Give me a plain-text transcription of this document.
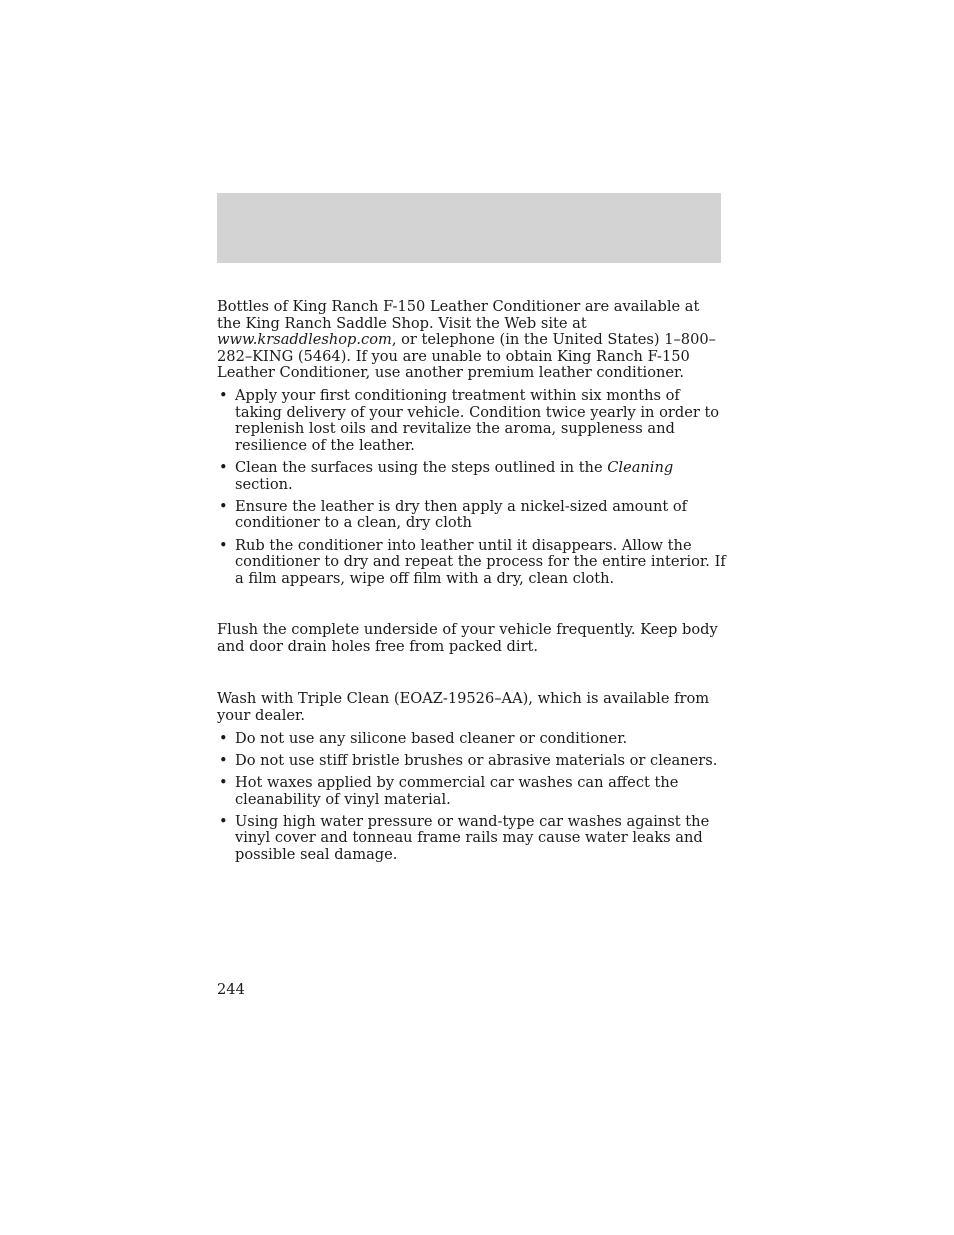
Bottles of King Ranch F-150 Leather Conditioner are available at the King Ranch Saddle Shop. Visit the Web site at www.krsaddleshop.com, or telephone (in the United States) 1–800–282–KING (5464). If you are unable to obtain King Ranch F-150 Leather Conditioner, use another premium leather conditioner.

• Apply your first conditioning treatment within six months of taking delivery of your vehicle. Condition twice yearly in order to replenish lost oils and revitalize the aroma, suppleness and resilience of the leather.
• Clean the surfaces using the steps outlined in the Cleaning section.
• Ensure the leather is dry then apply a nickel-sized amount of conditioner to a clean, dry cloth
• Rub the conditioner into leather until it disappears. Allow the conditioner to dry and repeat the process for the entire interior. If a film appears, wipe off film with a dry, clean cloth.

Flush the complete underside of your vehicle frequently. Keep body and door drain holes free from packed dirt.

Wash with Triple Clean (EOAZ-19526–AA), which is available from your dealer.

• Do not use any silicone based cleaner or conditioner.
• Do not use stiff bristle brushes or abrasive materials or cleaners.
• Hot waxes applied by commercial car washes can affect the cleanability of vinyl material.
• Using high water pressure or wand-type car washes against the vinyl cover and tonneau frame rails may cause water leaks and possible seal damage.
244
